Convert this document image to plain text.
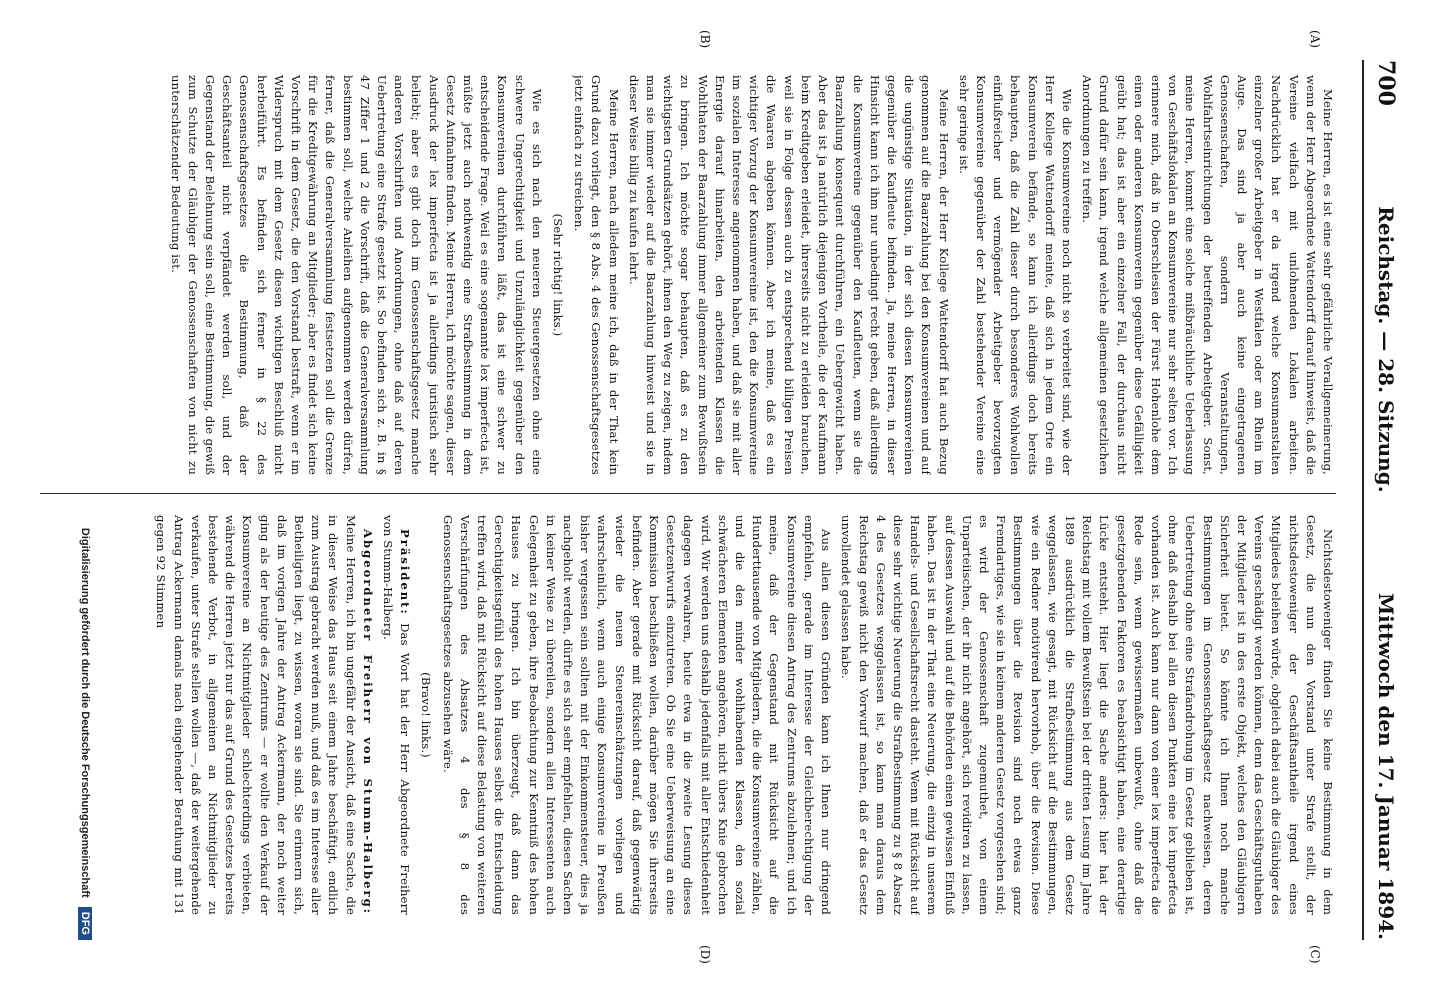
700
Reichstag. — 28. Sitzung.
Mittwoch den 17. Januar 1894.
(A)
(B)
(C)
(D)

Meine Herren, es ist eine sehr gefährliche Verallgemeinerung, wenn der Herr Abgeordnete Wattendorff darauf hinweist, daß die Vereine vielfach mit unlohnenden Lokalen arbeiten. Nachdrücklich hat er da irgend welche Konsumanstalten einzelner großer Arbeitgeber in Westfalen oder am Rhein im Auge. Das sind ja aber auch keine eingetragenen Genossenschaften, sondern Veranstaltungen, Wohlfahrtseinrichtungen der betreffenden Arbeitgeber. Sonst, meine Herren, kommt eine solche mißbräuchliche Ueberlassung von Geschäftslokalen an Konsumvereine nur sehr selten vor. Ich erinnere mich, daß in Oberschlesien der Fürst Hohenlohe dem einen oder anderen Konsumverein gegenüber diese Gefälligkeit geübt hat; das ist aber ein einzelner Fall, der durchaus nicht Grund dafür sein kann, irgend welche allgemeinen gesetzlichen Anordnungen zu treffen.

Wie die Konsumvereine noch nicht so verbreitet sind, wie der Herr Kollege Wattendorff meinte, daß sich in jedem Orte ein Konsumverein befände, so kann ich allerdings doch bereits behaupten, daß die Zahl dieser durch besonderes Wohlwollen einflußreicher und vermögender Arbeitgeber bevorzugten Konsumvereine gegenüber der Zahl bestehender Vereine eine sehr geringe ist.

Meine Herren, der Herr Kollege Wattendorff hat auch Bezug genommen auf die Baarzahlung bei den Konsumvereinen und auf die ungünstige Situation, in der sich diesen Konsumvereinen gegenüber die Kaufleute befinden. Ja, meine Herren, in dieser Hinsicht kann ich ihm nur unbedingt recht geben, daß allerdings die Konsumvereine gegenüber den Kaufleuten, wenn sie die Baarzahlung konsequent durchführen, ein Uebergewicht haben. Aber das ist ja natürlich diejenigen Vortheile, die der Kaufmann beim Kreditgeben erleidet, ihrerseits nicht zu erleiden brauchen, weil sie in Folge dessen auch zu entsprechend billigen Preisen die Waaren abgeben können. Aber ich meine, daß es ein wichtiger Vorzug der Konsumvereine ist, den die Konsumvereine im sozialen Interesse angenommen haben, und daß sie mit aller Energie darauf hinarbeiten, den arbeitenden Klassen die Wohlthaten der Baarzahlung immer allgemeiner zum Bewußtsein zu bringen. Ich möchte sogar behaupten, daß es zu den wichtigsten Grundsätzen gehört, ihnen den Weg zu zeigen, indem man sie immer wieder auf die Baarzahlung hinweist und sie in dieser Weise billig zu kaufen lehrt.

Meine Herren, nach alledem meine ich, daß in der That kein Grund dazu vorliegt, den § 8 Abs. 4 des Genossenschaftsgesetzes jetzt einfach zu streichen.

(Sehr richtig! links.)

Wie es sich nach den neueren Steuergesetzen ohne eine schwere Ungerechtigkeit und Unzulänglichkeit gegenüber den Konsumvereinen durchführen läßt, das ist eine schwer zu entscheidende Frage. Weil es eine sogenannte lex imperfecta ist, müßte jetzt auch nothwendig eine Strafbestimmung in dem Gesetz Aufnahme finden. Meine Herren, ich möchte sagen, dieser Ausdruck der lex imperfecta ist ja allerdings juristisch sehr beliebt; aber es gibt doch im Genossenschaftsgesetz manche anderen Vorschriften und Anordnungen, ohne daß auf deren Uebertretung eine Strafe gesetzt ist. So befinden sich z. B. in § 47 Ziffer 1 und 2 die Vorschrift, daß die Generalversammlung bestimmen soll, welche Anleihen aufgenommen werden dürfen, ferner, daß die Generalversammlung festsetzen soll die Grenze für die Kreditgewährung an Mitglieder; aber es findet sich keine Vorschrift in dem Gesetz, die den Vorstand bestraft, wenn er im Widerspruch mit dem Gesetz diesen wichtigen Beschluß nicht herbeiführt. Es befinden sich ferner in § 22 des Genossenschaftsgesetzes die Bestimmung, daß der Geschäftsanteil nicht verpfändet werden soll, und der Gegenstand der Belehnung sein soll, eine Bestimmung, die gewiß zum Schutze der Gläubiger der Genossenschaften von nicht zu unterschätzender Bedeutung ist.

Nichtsdestoweniger finden Sie keine Bestimmung in dem Gesetz, die nun den Vorstand unter Strafe stellt, der nichtsdestoweniger der Geschäftsantheile irgend eines Mitgliedes beleihen würde, obgleich dabei auch die Gläubiger des Vereins geschädigt werden können, denn das Geschäftsguthaben der Mitglieder ist in des erste Objekt, welches den Gläubigern Sicherheit bietet. So könnte ich Ihnen noch manche Bestimmungen im Genossenschaftsgesetz nachweisen, deren Uebertretung ohne eine Strafandrohung im Gesetz geblieben ist, ohne daß deshalb bei allen diesen Punkten eine lex imperfecta vorhanden ist. Auch kann nur dann von einer lex imperfecta die Rede sein, wenn gewissermaßen unbewußt, ohne daß die gesetzgebenden Faktoren es beabsichtigt haben, eine derartige Lücke entsteht. Hier liegt die Sache anders: hier hat der Reichstag mit vollem Bewußtsein bei der dritten Lesung im Jahre 1889 ausdrücklich die Strafbestimmung aus dem Gesetz weggelassen, wie gesagt, mit Rücksicht auf die Bestimmungen, wie ein Redner motivirend hervorhob, über die Revision. Diese Bestimmungen über die Revision sind noch etwas ganz Fremdartiges, wie sie in keinem anderen Gesetz vorgesehen sind; es wird der Genossenschaft zugemuthet, von einem Unparteiischen, der ihr nicht angehört, sich revidiren zu lassen, auf dessen Auswahl und auf die Behörden einen gewissen Einfluß haben. Das ist in der That eine Neuerung, die einzig in unserem Handels- und Gesellschaftsrecht dasteht. Wenn mit Rücksicht auf diese sehr wichtige Neuerung die Strafbestimmung zu § 8 Absatz 4 des Gesetzes weggelassen ist, so kann man daraus dem Reichstag gewiß nicht den Vorwurf machen, daß er das Gesetz unvollendet gelassen habe.

Aus allen diesen Gründen kann ich Ihnen nur dringend empfehlen, gerade im Interesse der Gleichberechtigung der Konsumvereine diesen Antrag des Zentrums abzulehnen; und ich meine, daß der Gegenstand mit Rücksicht auf die Hunderttausende von Mitgliedern, die die Konsumvereine zählen, und die den minder wohlhabenden Klassen, den sozial schwächeren Elementen angehören, nicht übers Knie gebrochen wird. Wir werden uns deshalb jedenfalls mit aller Entschiedenheit dagegen verwahren, heute etwa in die zweite Lesung dieses Gesetzentwurfs einzutreten. Ob Sie eine Ueberweisung an eine Kommission beschließen wollen, darüber mögen Sie ihrerseits befinden. Aber gerade mit Rücksicht darauf, daß gegenwärtig wieder die neuen Steuereinschätzungen vorliegen und wahrscheinlich, wenn auch einige Konsumvereine in Preußen bisher vergessen sein sollten mit der Einkommensteuer, dies ja nachgeholt werden, dürfte es sich sehr empfehlen, diesen Sachen in keiner Weise zu übereilen, sondern allen Interessenten auch Gelegenheit zu geben, ihre Beobachtung zur Kenntniß des hohen Hauses zu bringen. Ich bin überzeugt, daß dann das Gerechtigkeitsgefühl des hohen Hauses selbst die Entscheidung treffen wird, daß mit Rücksicht auf diese Belastung von weiteren Verschärfungen des Absatzes 4 des § 8 des Genossenschaftsgesetzes abzusehen wäre.

(Bravo! links.)

Präsident: Das Wort hat der Herr Abgeordnete Freiherr von Stumm-Halberg.

Abgeordneter Freiherr von Stumm-Halberg: Meine Herren, ich bin ungefähr der Ansicht, daß eine Sache, die in dieser Weise das Haus seit einem Jahre beschäftigt, endlich zum Austrag gebracht werden muß, und daß es im Interesse aller Betheiligten liegt, zu wissen, woran sie sind. Sie erinnern sich, daß im vorigen Jahre der Antrag Ackermann, der noch weiter ging als der heutige des Zentrums — er wollte den Verkauf der Konsumvereine an Nichtmitglieder schlechterdings verbieten, während die Herren jetzt nur das auf Grund des Gesetzes bereits bestehende Verbot, in allgemeinen an Nichtmitglieder zu verkaufen, unter Strafe stellen wollen —, daß der weitergehende Antrag Ackermann damals nach eingehender Berathung mit 131 gegen 92 Stimmen

Digitalisierung gefördert durch die Deutsche Forschungsgemeinschaft DFG
